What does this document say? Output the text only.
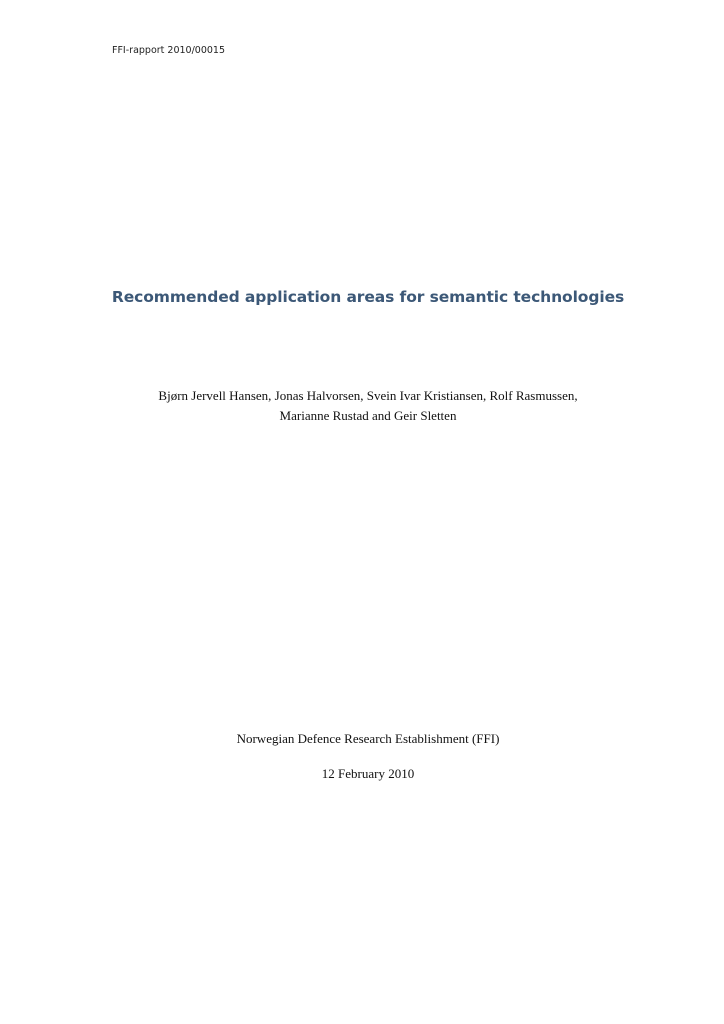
FFI-rapport 2010/00015
Recommended application areas for semantic technologies
Bjørn Jervell Hansen, Jonas Halvorsen, Svein Ivar Kristiansen, Rolf Rasmussen,
Marianne Rustad and Geir Sletten
Norwegian Defence Research Establishment (FFI)
12 February 2010
